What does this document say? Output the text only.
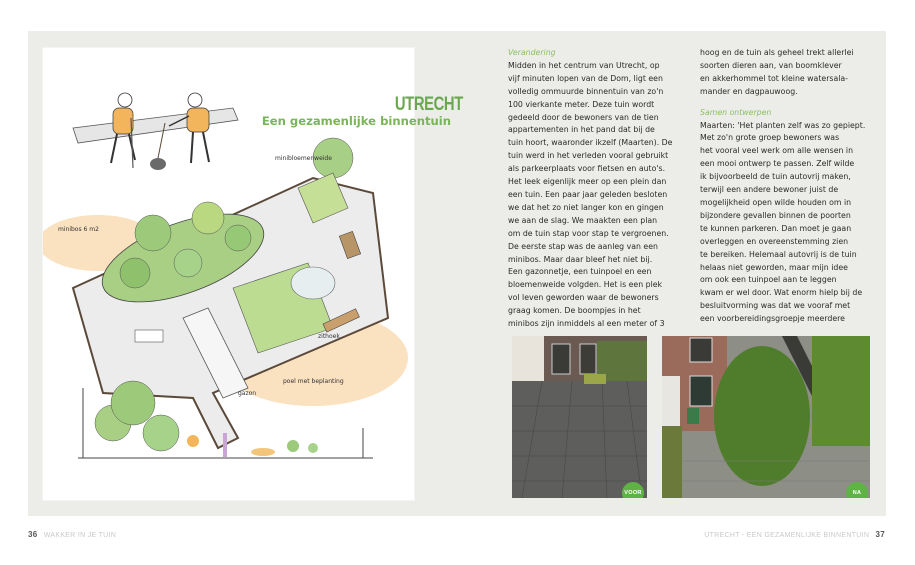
UTRECHT
Een gezamenlijke binnentuin
minibloemenweide
minibos 6 m2
zithoek
poel met beplanting
gazon

Verandering

Midden in het centrum van Utrecht, op

vijf minuten lopen van de Dom, ligt een

volledig ommuurde binnentuin van zo'n

100 vierkante meter. Deze tuin wordt

gedeeld door de bewoners van de tien

appartementen in het pand dat bij de

tuin hoort, waaronder ikzelf (Maarten). De

tuin werd in het verleden vooral gebruikt

als parkeerplaats voor fietsen en auto's.

Het leek eigenlijk meer op een plein dan

een tuin. Een paar jaar geleden besloten

we dat het zo niet langer kon en gingen

we aan de slag. We maakten een plan

om de tuin stap voor stap te vergroenen.

De eerste stap was de aanleg van een

minibos. Maar daar bleef het niet bij.

Een gazonnetje, een tuinpoel en een

bloemenweide volgden. Het is een plek

vol leven geworden waar de bewoners

graag komen. De boompjes in het

minibos zijn inmiddels al een meter of 3

hoog en de tuin als geheel trekt allerlei

soorten dieren aan, van boomklever

en akkerhommel tot kleine watersala-

mander en dagpauwoog.

Samen ontwerpen

Maarten: 'Het planten zelf was zo gepiept.

Met zo'n grote groep bewoners was

het vooral veel werk om alle wensen in

een mooi ontwerp te passen. Zelf wilde

ik bijvoorbeeld de tuin autovrij maken,

terwijl een andere bewoner juist de

mogelijkheid open wilde houden om in

bijzondere gevallen binnen de poorten

te kunnen parkeren. Dan moet je gaan

overleggen en overeenstemming zien

te bereiken. Helemaal autovrij is de tuin

helaas niet geworden, maar mijn idee

om ook een tuinpoel aan te leggen

kwam er wel door. Wat enorm hielp bij de

besluitvorming was dat we vooraf met

een voorbereidingsgroepje meerdere

VOOR	NA
36 WAKKER IN JE TUIN	UTRECHT - EEN GEZAMENLIJKE BINNENTUIN 37
